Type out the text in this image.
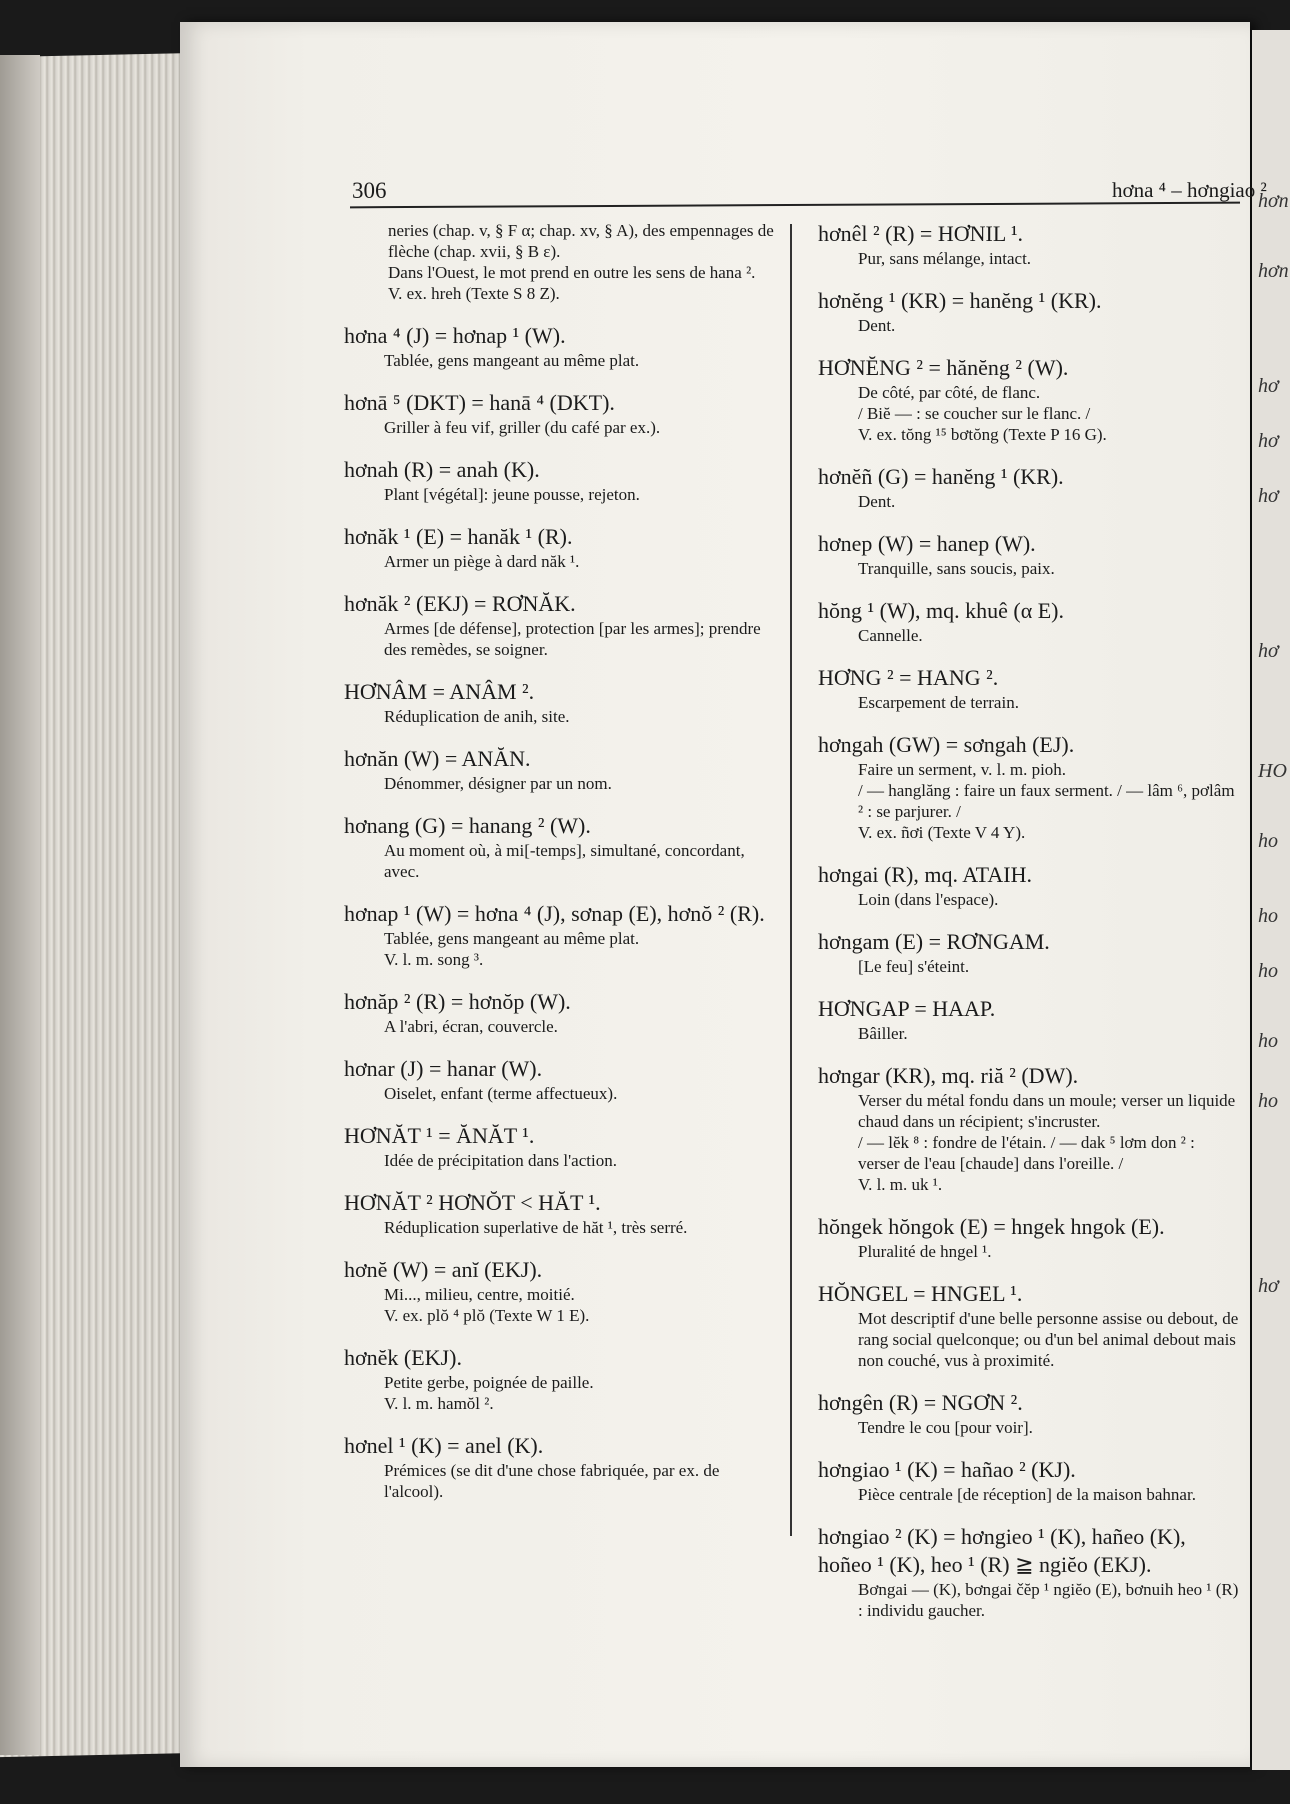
hơn
hơn
hơ
hơ
hơ
hơ
HO
ho
ho
ho
ho
ho
hơ
306	hơna ⁴ – hơngiao ²
neries (chap. v, § F α; chap. xv, § A), des empennages de flèche (chap. xvii, § B ε).
Dans l'Ouest, le mot prend en outre les sens de hana ².
V. ex. hreh (Texte S 8 Z).
hơna ⁴ (J) = hơnap ¹ (W).
Tablée, gens mangeant au même plat.
hơnā ⁵ (DKT) = hanā ⁴ (DKT).
Griller à feu vif, griller (du café par ex.).
hơnah (R) = anah (K).
Plant [végétal]: jeune pousse, rejeton.
hơnăk ¹ (E) = hanăk ¹ (R).
Armer un piège à dard năk ¹.
hơnăk ² (EKJ) = RƠNĂK.
Armes [de défense], protection [par les armes]; prendre des remèdes, se soigner.
HƠNÂM = ANÂM ².
Réduplication de anih, site.
hơnăn (W) = ANĂN.
Dénommer, désigner par un nom.
hơnang (G) = hanang ² (W).
Au moment où, à mi[-temps], simultané, concordant, avec.
hơnap ¹ (W) = hơna ⁴ (J), sơnap (E), hơnŏ ² (R).
Tablée, gens mangeant au même plat.
V. l. m. song ³.
hơnăp ² (R) = hơnŏp (W).
A l'abri, écran, couvercle.
hơnar (J) = hanar (W).
Oiselet, enfant (terme affectueux).
HƠNĂT ¹ = ĂNĂT ¹.
Idée de précipitation dans l'action.
HƠNĂT ² HƠNŎT < HĂT ¹.
Réduplication superlative de hăt ¹, très serré.
hơnĕ (W) = anĭ (EKJ).
Mi..., milieu, centre, moitié.
V. ex. plŏ ⁴ plŏ (Texte W 1 E).
hơnĕk (EKJ).
Petite gerbe, poignée de paille.
V. l. m. hamŏl ².
hơnel ¹ (K) = anel (K).
Prémices (se dit d'une chose fabriquée, par ex. de l'alcool).
hơnêl ² (R) = HƠNIL ¹.
Pur, sans mélange, intact.
hơnĕng ¹ (KR) = hanĕng ¹ (KR).
Dent.
HƠNĔNG ² = hănĕng ² (W).
De côté, par côté, de flanc.
/ Biĕ — : se coucher sur le flanc. /
V. ex. tŏng ¹⁵ bơtŏng (Texte P 16 G).
hơnĕñ (G) = hanĕng ¹ (KR).
Dent.
hơnep (W) = hanep (W).
Tranquille, sans soucis, paix.
hŏng ¹ (W), mq. khuê (α E).
Cannelle.
HƠNG ² = HANG ².
Escarpement de terrain.
hơngah (GW) = sơngah (EJ).
Faire un serment, v. l. m. pioh.
/ — hanglăng : faire un faux serment. / — lâm ⁶, pơlâm ² : se parjurer. /
V. ex. ñơi (Texte V 4 Y).
hơngai (R), mq. ATAIH.
Loin (dans l'espace).
hơngam (E) = RƠNGAM.
[Le feu] s'éteint.
HƠNGAP = HAAP.
Bâiller.
hơngar (KR), mq. riă ² (DW).
Verser du métal fondu dans un moule; verser un liquide chaud dans un récipient; s'incruster.
/ — lĕk ⁸ : fondre de l'étain. / — dak ⁵ lơm don ² : verser de l'eau [chaude] dans l'oreille. /
V. l. m. uk ¹.
hŏngek hŏngok (E) = hngek hngok (E).
Pluralité de hngel ¹.
HŎNGEL = HNGEL ¹.
Mot descriptif d'une belle personne assise ou debout, de rang social quelconque; ou d'un bel animal debout mais non couché, vus à proximité.
hơngên (R) = NGƠN ².
Tendre le cou [pour voir].
hơngiao ¹ (K) = hañao ² (KJ).
Pièce centrale [de réception] de la maison bahnar.
hơngiao ² (K) = hơngieo ¹ (K), hañeo (K), hoñeo ¹ (K), heo ¹ (R) ≧ ngiĕo (EKJ).
Bơngai — (K), bơngai čĕp ¹ ngiĕo (E), bơnuih heo ¹ (R) : individu gaucher.
